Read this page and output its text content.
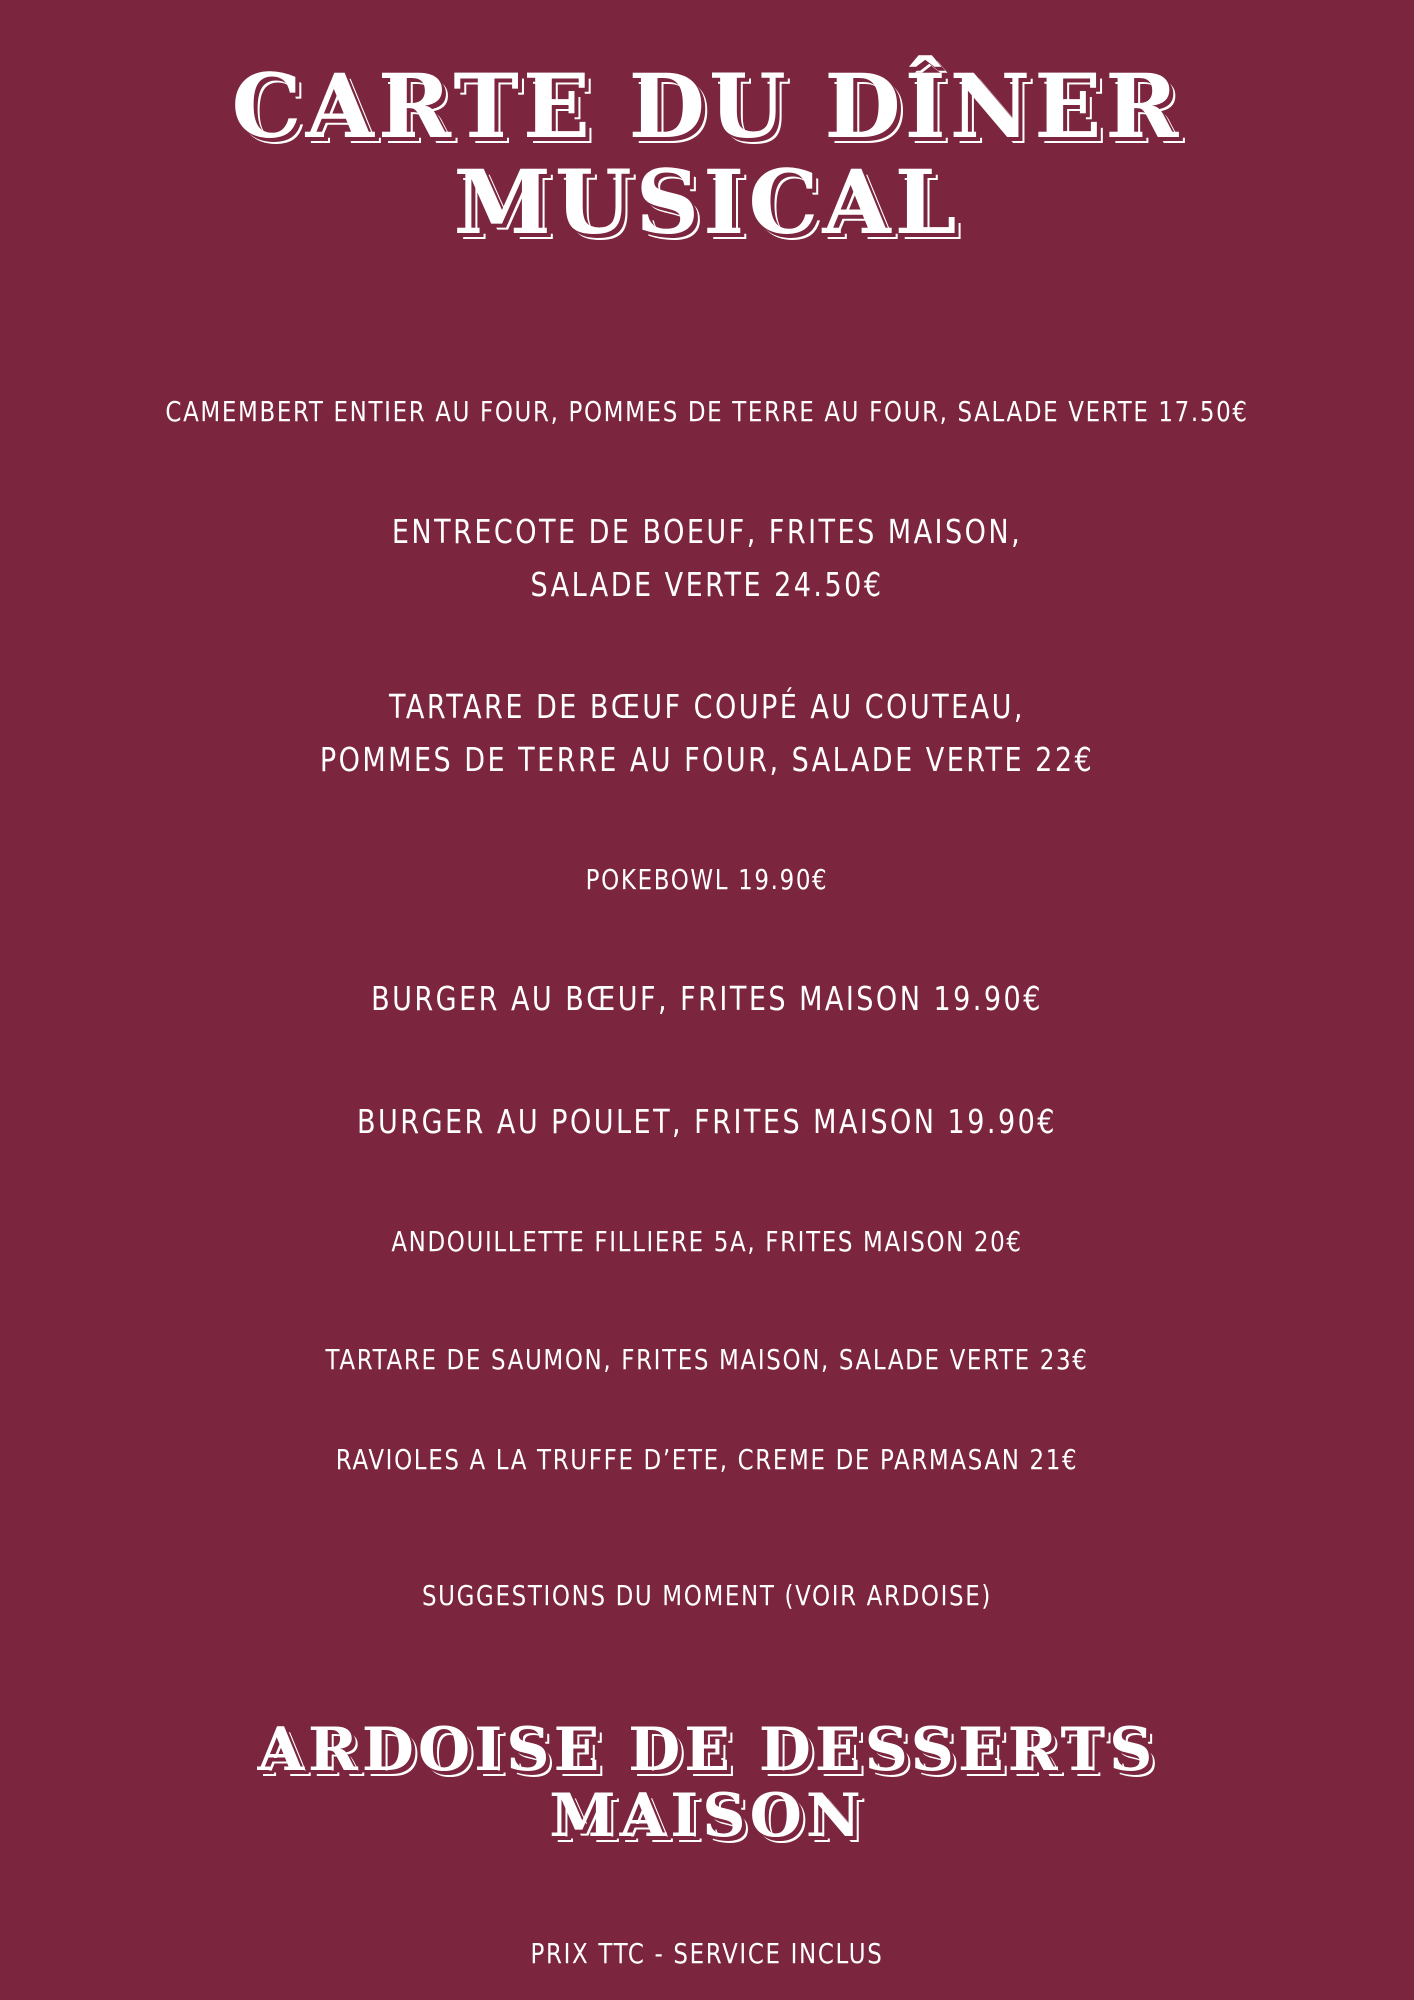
CARTE DU DÎNER
MUSICAL
CAMEMBERT ENTIER AU FOUR, POMMES DE TERRE AU FOUR, SALADE VERTE 17.50€
ENTRECOTE DE BOEUF, FRITES MAISON,
SALADE VERTE 24.50€
TARTARE DE BŒUF COUPÉ AU COUTEAU,
POMMES DE TERRE AU FOUR, SALADE VERTE 22€
POKEBOWL 19.90€
BURGER AU BŒUF, FRITES MAISON 19.90€
BURGER AU POULET, FRITES MAISON 19.90€
ANDOUILLETTE FILLIERE 5A, FRITES MAISON 20€
TARTARE DE SAUMON, FRITES MAISON, SALADE VERTE 23€
RAVIOLES A LA TRUFFE D’ETE, CREME DE PARMASAN 21€
SUGGESTIONS DU MOMENT (VOIR ARDOISE)
ARDOISE DE DESSERTS
MAISON
PRIX TTC - SERVICE INCLUS
